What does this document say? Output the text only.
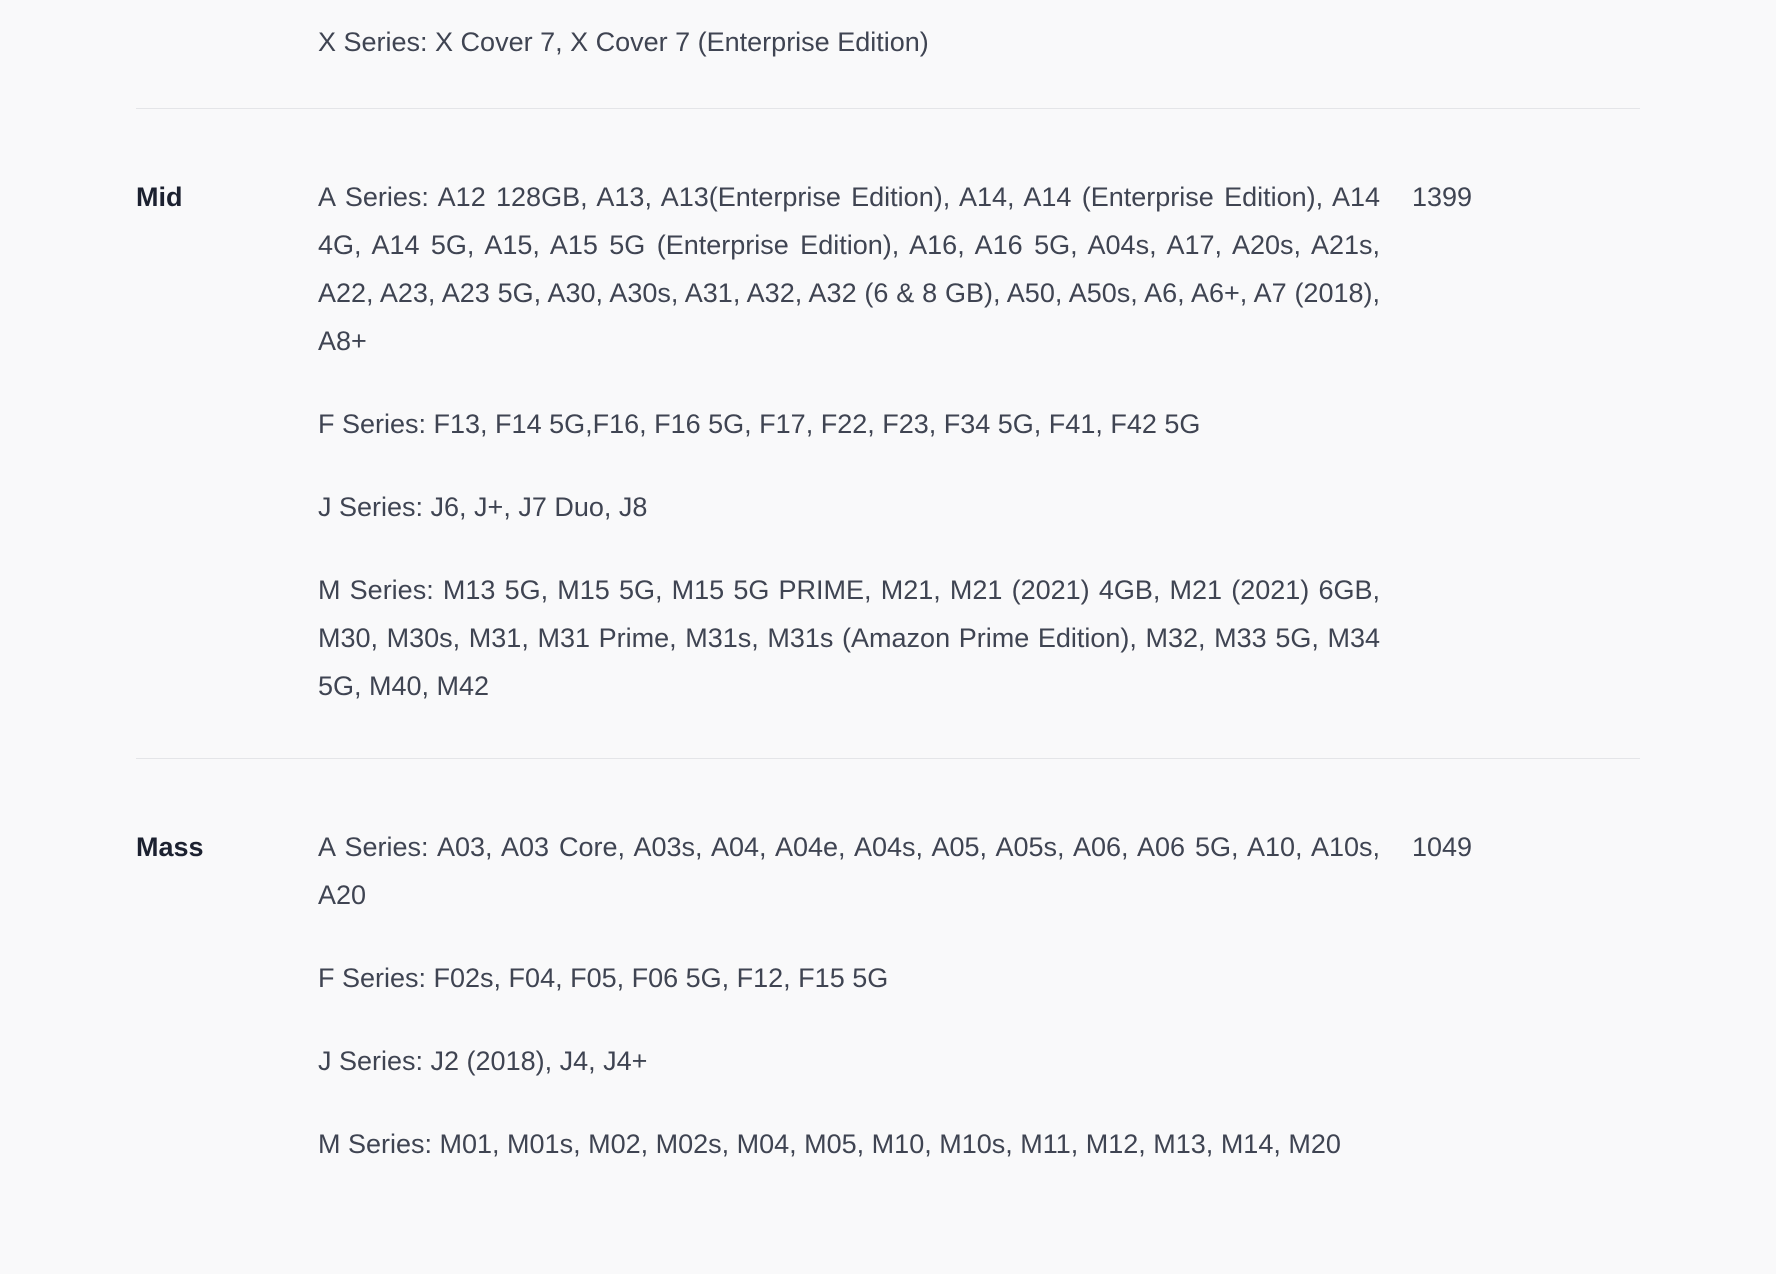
X Series: X Cover 7, X Cover 7 (Enterprise Edition)

Mid	A Series: A12 128GB, A13, A13(Enterprise Edition), A14, A14 (Enterprise Edition), A14 4G, A14 5G, A15, A15 5G (Enterprise Edition), A16, A16 5G, A04s, A17, A20s, A21s, A22, A23, A23 5G, A30, A30s, A31, A32, A32 (6 & 8 GB), A50, A50s, A6, A6+, A7 (2018), A8+

F Series: F13, F14 5G,F16, F16 5G, F17, F22, F23, F34 5G, F41, F42 5G

J Series: J6, J+, J7 Duo, J8

M Series: M13 5G, M15 5G, M15 5G PRIME, M21, M21 (2021) 4GB, M21 (2021) 6GB, M30, M30s, M31, M31 Prime, M31s, M31s (Amazon Prime Edition), M32, M33 5G, M34 5G, M40, M42

1399
Mass	A Series: A03, A03 Core, A03s, A04, A04e, A04s, A05, A05s, A06, A06 5G, A10, A10s, A20

F Series: F02s, F04, F05, F06 5G, F12, F15 5G

J Series: J2 (2018), J4, J4+

M Series: M01, M01s, M02, M02s, M04, M05, M10, M10s, M11, M12, M13, M14, M20

1049
